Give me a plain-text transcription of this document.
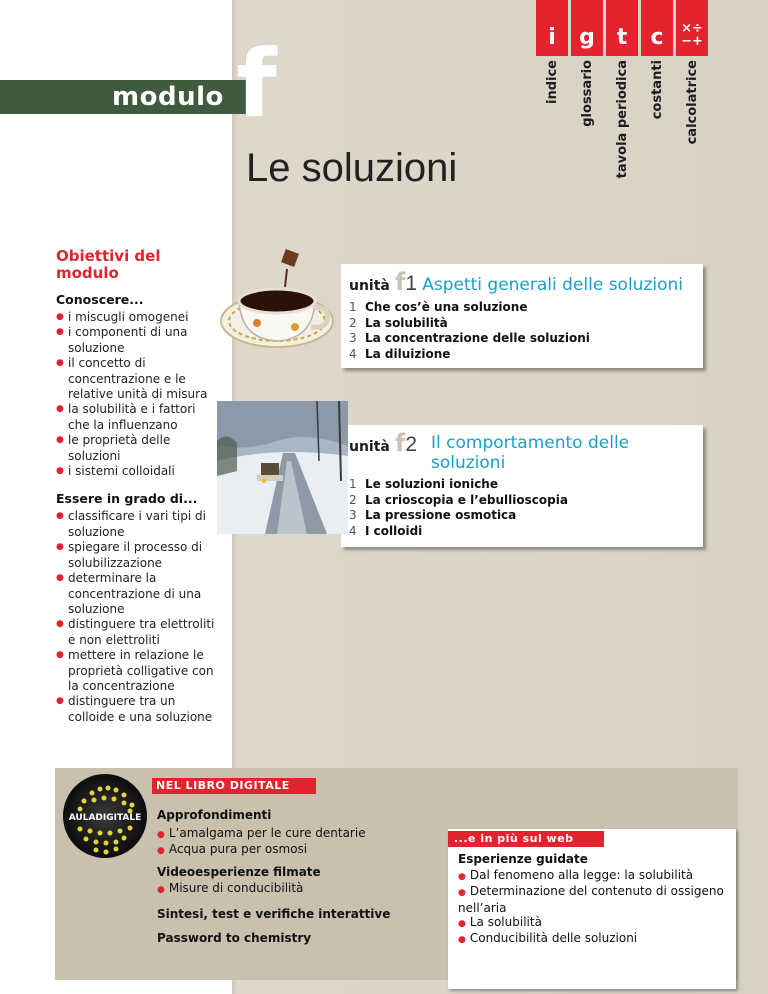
i
indice
g
glossario
t
tavola periodica
c
costanti
×÷
−+
calcolatrice
modulo f
Le soluzioni
Obiettivi del modulo
Conoscere...
● i miscugli omogenei
● i componenti di una soluzione
● il concetto di concentrazione e le relative unità di misura
● la solubilità e i fattori che la influenzano
● le proprietà delle soluzioni
● i sistemi colloidali
Essere in grado di...
● classificare i vari tipi di soluzione
● spiegare il processo di solubilizzazione
● determinare la concentrazione di una soluzione
● distinguere tra elettroliti e non elettroliti
● mettere in relazione le proprietà colligative con la concentrazione
● distinguere tra un colloide e una soluzione
unità f1 Aspetti generali delle soluzioni
1 Che cos’è una soluzione
2 La solubilità
3 La concentrazione delle soluzioni
4 La diluizione
unità f2 Il comportamento delle soluzioni
1 Le soluzioni ioniche
2 La crioscopia e l’ebullioscopia
3 La pressione osmotica
4 I colloidi
AULADIGITALE
NEL LIBRO DIGITALE
Approfondimenti
● L’amalgama per le cure dentarie
● Acqua pura per osmosi
Videoesperienze filmate
● Misure di conducibilità
Sintesi, test e verifiche interattive
Password to chemistry
...e in più sul web
Esperienze guidate
● Dal fenomeno alla legge: la solubilità
● Determinazione del contenuto di ossigeno nell’aria
● La solubilità
● Conducibilità delle soluzioni
